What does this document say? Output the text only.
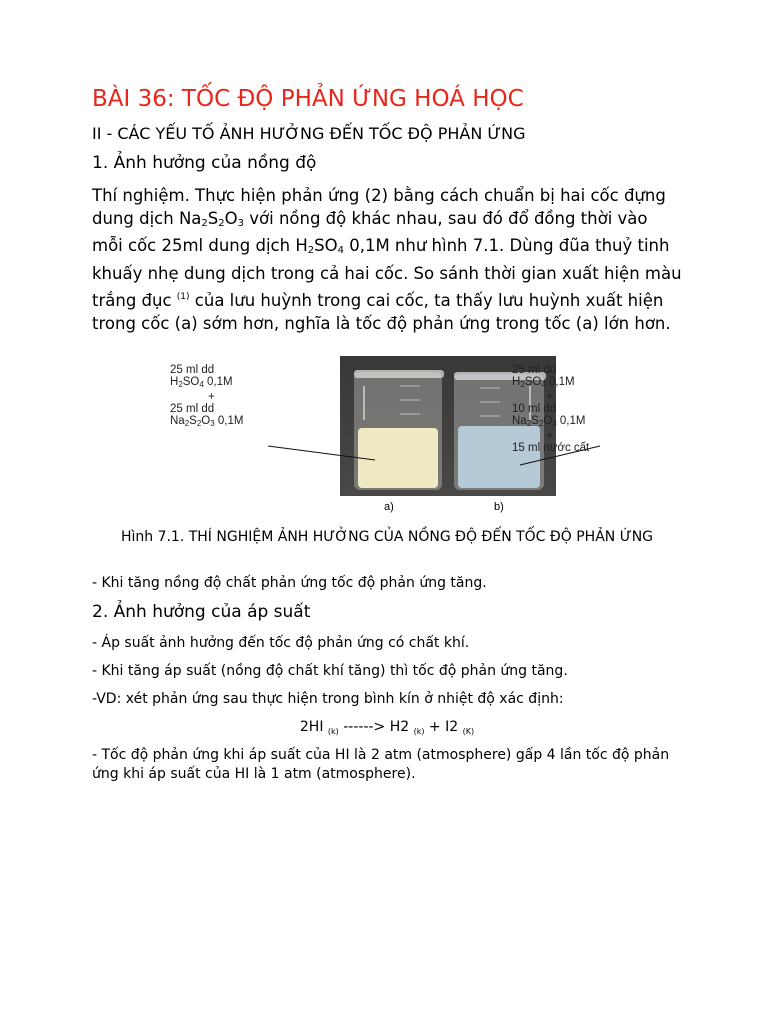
BÀI 36: TỐC ĐỘ PHẢN ỨNG HOÁ HỌC
II - CÁC YẾU TỐ ẢNH HƯỞNG ĐẾN TỐC ĐỘ PHẢN ỨNG
1. Ảnh hưởng của nồng độ

Thí nghiệm. Thực hiện phản ứng (2) bằng cách chuẩn bị hai cốc đựng dung dịch $Na_2S_2O_3$ với nồng độ khác nhau, sau đó đổ đồng thời vào mỗi cốc 25ml dung dịch $H_2SO_4$ 0,1M như hình 7.1. Dùng đũa thuỷ tinh khuấy nhẹ dung dịch trong cả hai cốc. So sánh thời gian xuất hiện màu trắng đục $^{(1)}$ của lưu huỳnh trong cai cốc, ta thấy lưu huỳnh xuất hiện trong cốc (a) sớm hơn, nghĩa là tốc độ phản ứng trong tốc (a) lớn hơn.

25 ml dd
$H_2SO_4$ 0,1M
+
25 ml dd
$Na_2S_2O_3$ 0,1M
25 ml dd
$H_2SO_4$ 0,1M
+
10 ml dd
$Na_2S_2O_3$ 0,1M
+
15 ml nước cất
a)	b)

Hình 7.1. THÍ NGHIỆM ẢNH HƯỞNG CỦA NỒNG ĐỘ ĐẾN TỐC ĐỘ PHẢN ỨNG

- Khi tăng nồng độ chất phản ứng tốc độ phản ứng tăng.

2. Ảnh hưởng của áp suất

- Áp suất ảnh hưởng đến tốc độ phản ứng có chất khí.

- Khi tăng áp suất (nồng độ chất khí tăng) thì tốc độ phản ứng tăng.

-VD: xét phản ứng sau thực hiện trong bình kín ở nhiệt độ xác định:

2HI $_{(k)}$ ------> H2 $_{(k)}$ + I2 $_{(K)}$

- Tốc độ phản ứng khi áp suất của HI là 2 atm (atmosphere) gấp 4 lần tốc độ phản ứng khi áp suất của HI là 1 atm (atmosphere).
